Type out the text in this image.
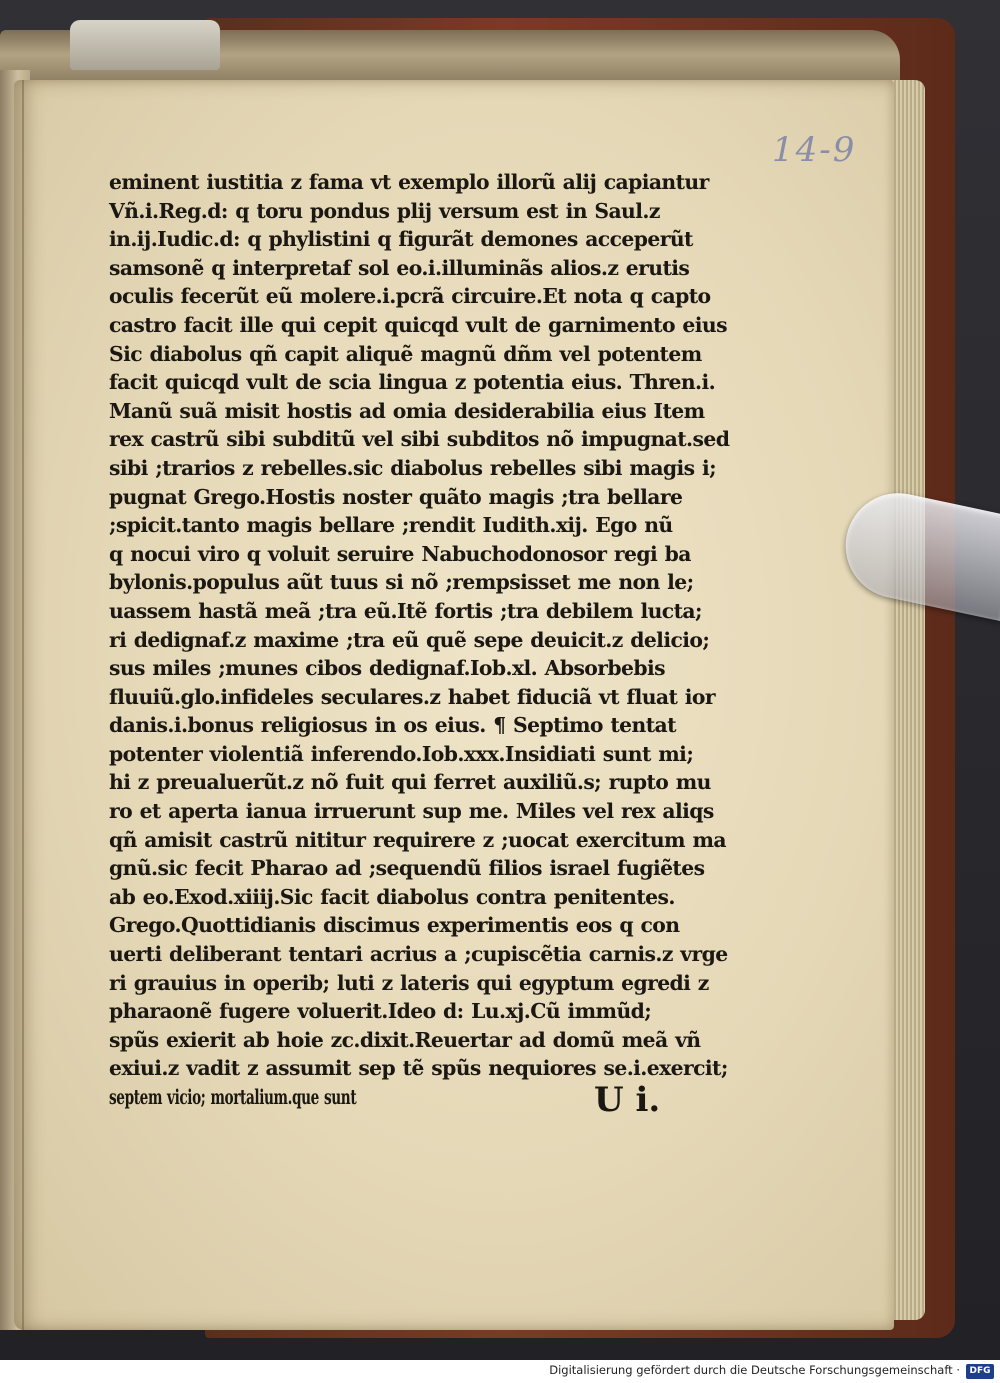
14-9
eminent iustitia z fama vt exemplo illorũ alij capiantur
Vñ.i.Reg.d: q toru pondus plij versum est in Saul.z
in.ij.Iudic.d: q phylistini q figurãt demones acceperũt
samsonẽ q interpretaf sol eo.i.illuminãs alios.z erutis
oculis fecerũt eũ molere.i.pcrã circuire.Et nota q capto
castro facit ille qui cepit quicqd vult de garnimento eius
Sic diabolus qñ capit aliquẽ magnũ dñm vel potentem
facit quicqd vult de scia lingua z potentia eius. Thren.i.
Manũ suã misit hostis ad omia desiderabilia eius Item
rex castrũ sibi subditũ vel sibi subditos nõ impugnat.sed
sibi ;trarios z rebelles.sic diabolus rebelles sibi magis i;
pugnat Grego.Hostis noster quãto magis ;tra bellare
;spicit.tanto magis bellare ;rendit Iudith.xij. Ego nũ
q nocui viro q voluit seruire Nabuchodonosor regi ba
bylonis.populus aũt tuus si nõ ;rempsisset me non le;
uassem hastã meã ;tra eũ.Itẽ fortis ;tra debilem lucta;
ri dedignaf.z maxime ;tra eũ quẽ sepe deuicit.z delicio;
sus miles ;munes cibos dedignaf.Iob.xl. Absorbebis
fluuiũ.glo.infideles seculares.z habet fiduciã vt fluat ior
danis.i.bonus religiosus in os eius. ¶ Septimo tentat
potenter violentiã inferendo.Iob.xxx.Insidiati sunt mi;
hi z preualuerũt.z nõ fuit qui ferret auxiliũ.s; rupto mu
ro et aperta ianua irruerunt sup me. Miles vel rex aliqs
qñ amisit castrũ nititur requirere z ;uocat exercitum ma
gnũ.sic fecit Pharao ad ;sequendũ filios israel fugiẽtes
ab eo.Exod.xiiij.Sic facit diabolus contra penitentes.
Grego.Quottidianis discimus experimentis eos q con
uerti deliberant tentari acrius a ;cupiscẽtia carnis.z vrge
ri grauius in operib; luti z lateris qui egyptum egredi z
pharaonẽ fugere voluerit.Ideo d: Lu.xj.Cũ immũd;
spũs exierit ab hoie zc.dixit.Reuertar ad domũ meã vñ
exiui.z vadit z assumit sep tẽ spũs nequiores se.i.exercit;
septem vicio; mortalium.que sunt	U i.
Digitalisierung gefördert durch die Deutsche Forschungsgemeinschaft ·	DFG
